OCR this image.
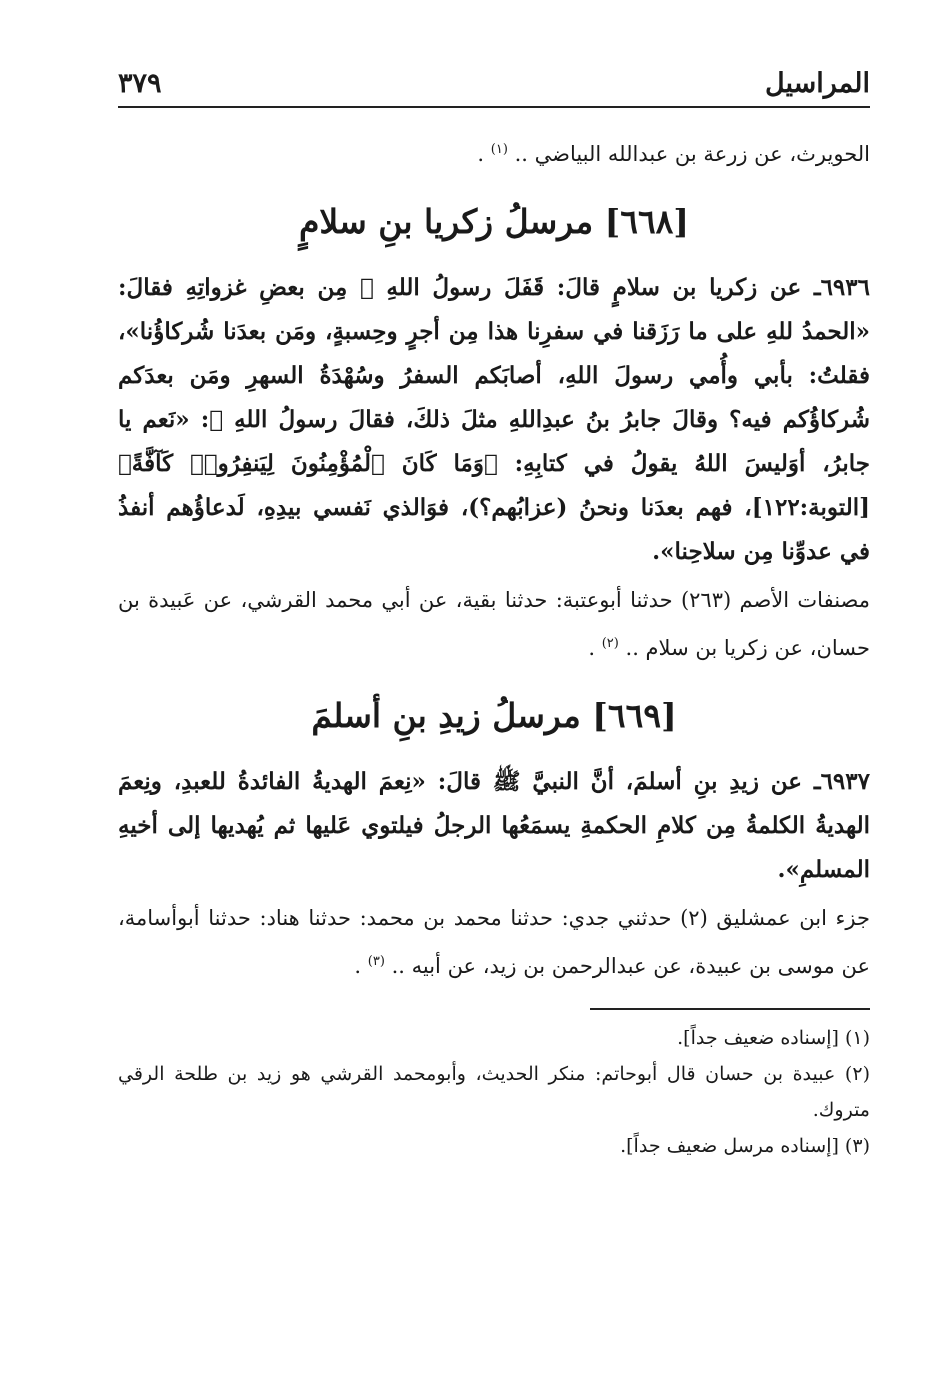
المراسيل
٣٧٩

الحويرث، عن زرعة بن عبدالله البياضي .. $^{(١)}$ .

[٦٦٨] مرسلُ زكريا بنِ سلامٍ

٦٩٣٦ـ عن زكريا بن سلامٍ قالَ: قَفَلَ رسولُ اللهِ ﷺ مِن بعضِ غزواتِهِ فقالَ: «الحمدُ للهِ على ما رَزَقنا في سفرِنا هذا مِن أجرٍ وحِسبةٍ، ومَن بعدَنا شُركاؤُنا»، فقلتُ: بأبي وأُمي رسولَ اللهِ، أصابَكم السفرُ وسُهْدَةُ السهرِ ومَن بعدَكم شُركاؤُكم فيه؟ وقالَ جابرُ بنُ عبدِاللهِ مثلَ ذلكَ، فقالَ رسولُ اللهِ ﷺ: «نَعم يا جابرُ، أوَليسَ اللهُ يقولُ في كتابِهِ: ﴿وَمَا كَانَ ٱلْمُؤْمِنُونَ لِيَنفِرُوا۟ كَآفَّةً﴾ [التوبة:١٢٢]، فهم بعدَنا ونحنُ (عزابُهم؟)، فوَالذي نَفسي بيدِهِ، لَدعاؤُهم أنفذُ في عدوِّنا مِن سلاحِنا».

مصنفات الأصم (٢٦٣) حدثنا أبوعتبة: حدثنا بقية، عن أبي محمد القرشي، عن عَبيدة بن حسان، عن زكريا بن سلام .. $^{(٢)}$ .

[٦٦٩] مرسلُ زيدِ بنِ أسلمَ

٦٩٣٧ـ عن زيدِ بنِ أسلمَ، أنَّ النبيَّ ﷺ قالَ: «نِعمَ الهديةُ الفائدةُ للعبدِ، ونِعمَ الهديةُ الكلمةُ مِن كلامِ الحكمةِ يسمَعُها الرجلُ فيلتوي عَليها ثم يُهديها إلى أخيهِ المسلمِ».

جزء ابن عمشليق (٢) حدثني جدي: حدثنا محمد بن محمد: حدثنا هناد: حدثنا أبوأسامة، عن موسى بن عبيدة، عن عبدالرحمن بن زيد، عن أبيه .. $^{(٣)}$ .

(١) [إسناده ضعيف جداً].

(٢) عبيدة بن حسان قال أبوحاتم: منكر الحديث، وأبومحمد القرشي هو زيد بن طلحة الرقي متروك.

(٣) [إسناده مرسل ضعيف جداً].
